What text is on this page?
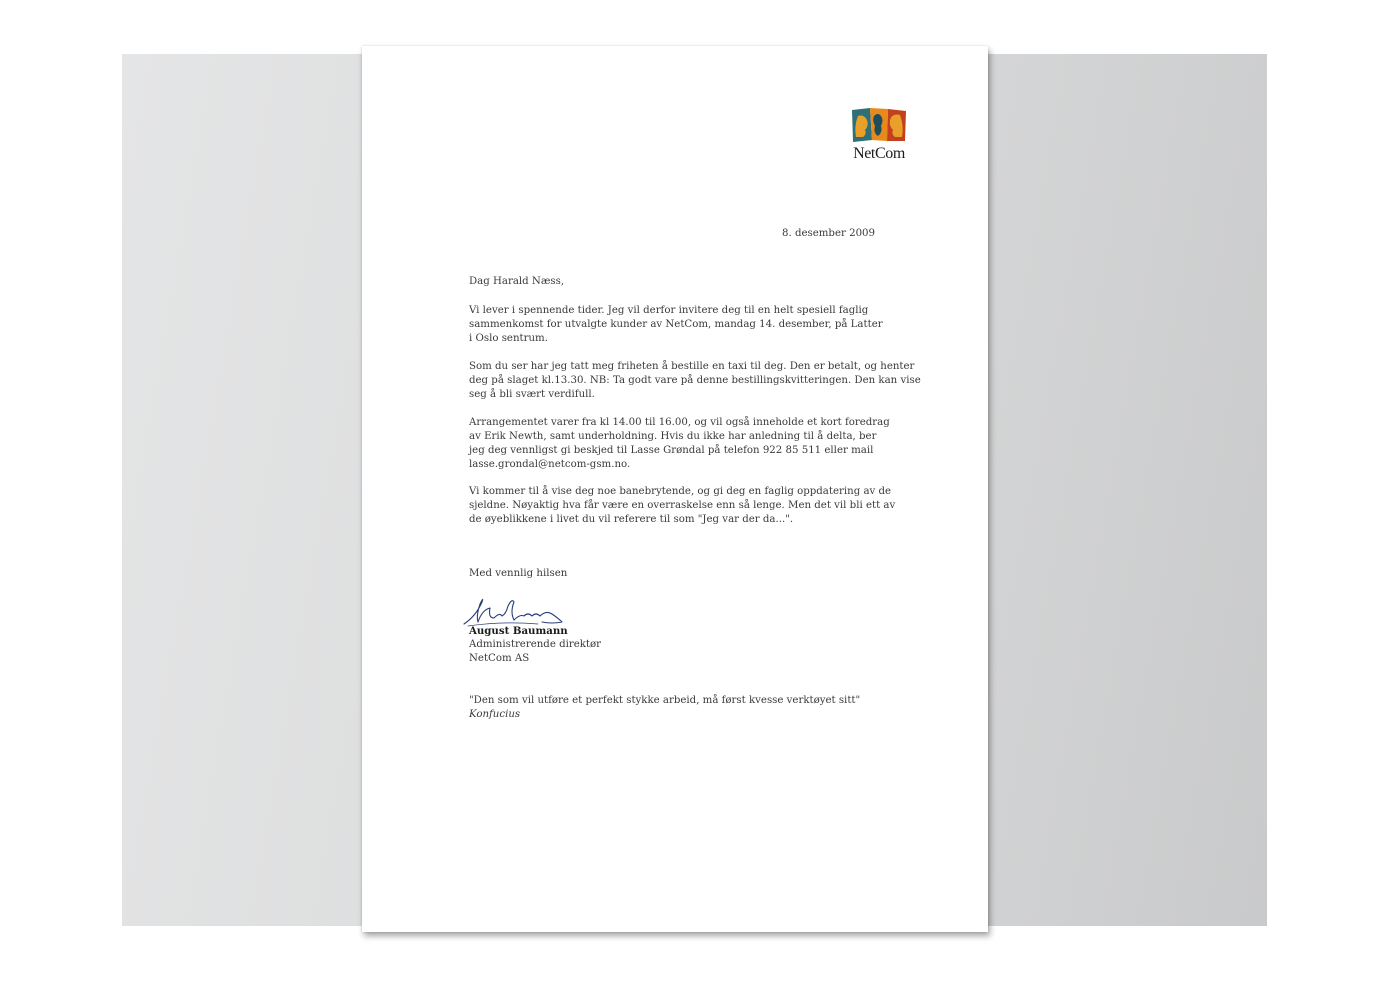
NetCom
8. desember 2009
Dag Harald Næss,
Vi lever i spennende tider. Jeg vil derfor invitere deg til en helt spesiell faglig
sammenkomst for utvalgte kunder av NetCom, mandag 14. desember, på Latter
i Oslo sentrum.
Som du ser har jeg tatt meg friheten å bestille en taxi til deg. Den er betalt, og henter
deg på slaget kl.13.30. NB: Ta godt vare på denne bestillingskvitteringen. Den kan vise
seg å bli svært verdifull.
Arrangementet varer fra kl 14.00 til 16.00, og vil også inneholde et kort foredrag
av Erik Newth, samt underholdning. Hvis du ikke har anledning til å delta, ber
jeg deg vennligst gi beskjed til Lasse Grøndal på telefon 922 85 511 eller mail
lasse.grondal@netcom-gsm.no.
Vi kommer til å vise deg noe banebrytende, og gi deg en faglig oppdatering av de
sjeldne. Nøyaktig hva får være en overraskelse enn så lenge. Men det vil bli ett av
de øyeblikkene i livet du vil referere til som "Jeg var der da...".
Med vennlig hilsen
August Baumann
Administrerende direktør
NetCom AS
"Den som vil utføre et perfekt stykke arbeid, må først kvesse verktøyet sitt"
Konfucius
